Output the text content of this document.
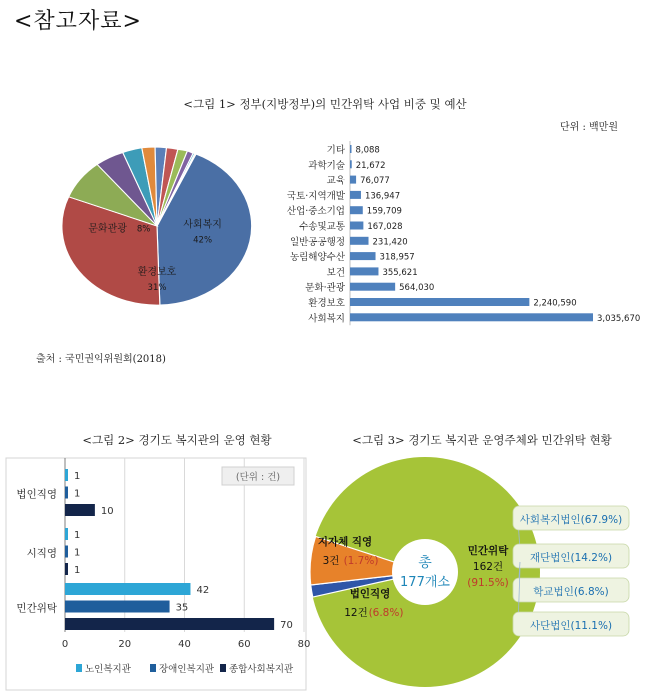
<참고자료>
<그림 1> 정부(지방정부)의 민간위탁 사업 비중 및 예산
단위 : 백만원
출처 : 국민권익위원회(2018)
<그림 2> 경기도 복지관의 운영 현황	<그림 3> 경기도 복지관 운영주체와 민간위탁 현황
사회복지
42%
환경보호
31%
문화관광 8%
기타 8,088
과학기술 21,672
교육 76,077
국토·지역개발 136,947
산업·중소기업	159,709
수송및교통	167,028
일반공공행정	231,420
농림해양수산	318,957
보건	355,621
문화·관광	564,030
환경보호	2,240,590
사회복지	3,035,670
0	20	40	60	80
(단위 : 건)
1
1
10
법인직영
1
1
1
시직영
42
35
70
민간위탁
노인복지관	장애인복지관 종합사회복지관
총
177개소
민간위탁
162건
(91.5%)
지자체 직영
3건 (1.7%)
법인직영
12건 (6.8%)
사회복지법인(67.9%)
재단법인(14.2%)
학교법인(6.8%)
사단법인(11.1%)
